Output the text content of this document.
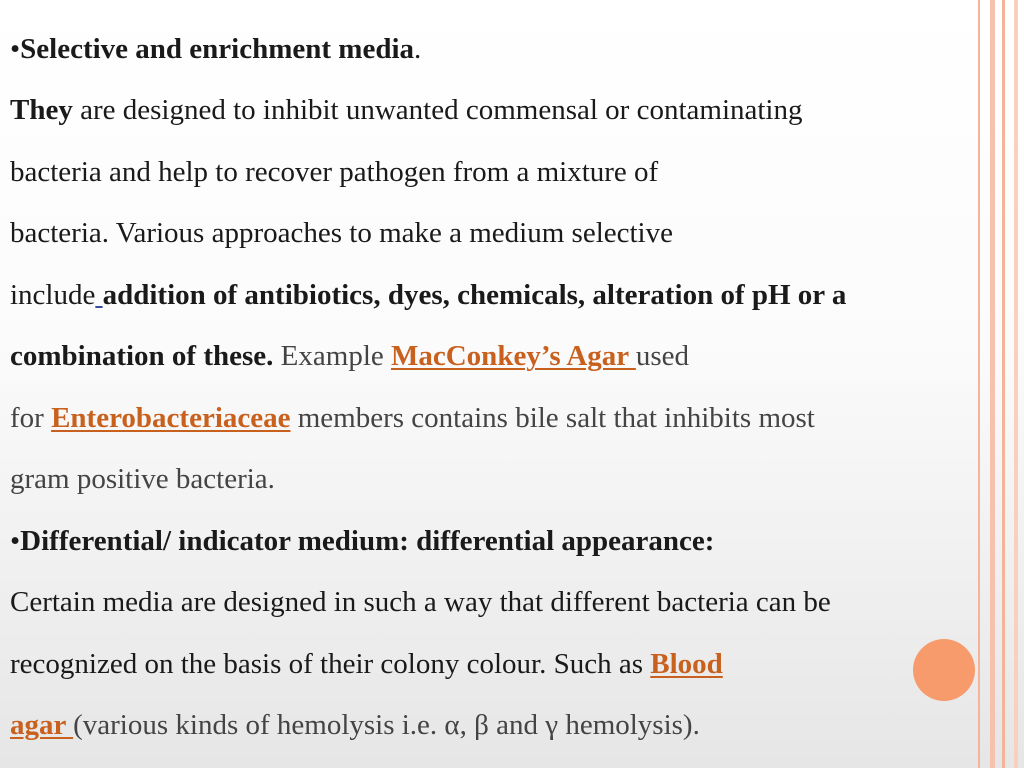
•Selective and enrichment media.
They are designed to inhibit unwanted commensal or contaminating
bacteria and help to recover pathogen from a mixture of
bacteria. Various approaches to make a medium selective
include addition of antibiotics, dyes, chemicals, alteration of pH or a
combination of these. Example MacConkey’s Agar used
for Enterobacteriaceae members contains bile salt that inhibits most
gram positive bacteria.
•Differential/ indicator medium: differential appearance:
Certain media are designed in such a way that different bacteria can be
recognized on the basis of their colony colour. Such as Blood
agar (various kinds of hemolysis i.e. α, β and γ hemolysis).
